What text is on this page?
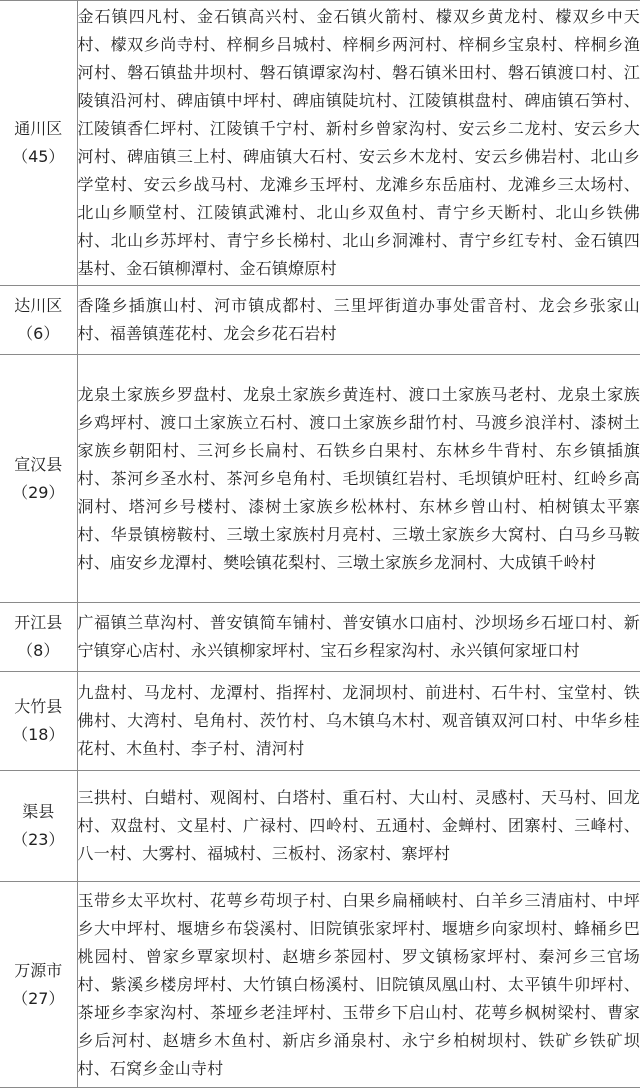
通川区
（45）	金石镇四凡村、金石镇高兴村、金石镇火箭村、檬双乡黄龙村、檬双乡中天村、檬双乡尚寺村、梓桐乡吕城村、梓桐乡两河村、梓桐乡宝泉村、梓桐乡渔河村、磐石镇盐井坝村、磐石镇谭家沟村、磐石镇米田村、磐石镇渡口村、江陵镇沿河村、碑庙镇中坪村、碑庙镇陡坑村、江陵镇棋盘村、碑庙镇石笋村、江陵镇香仁坪村、江陵镇千宁村、新村乡曾家沟村、安云乡二龙村、安云乡大河村、碑庙镇三上村、碑庙镇大石村、安云乡木龙村、安云乡佛岩村、北山乡学堂村、安云乡战马村、龙滩乡玉坪村、龙滩乡东岳庙村、龙滩乡三太场村、北山乡顺堂村、江陵镇武滩村、北山乡双鱼村、青宁乡天断村、北山乡铁佛村、北山乡苏坪村、青宁乡长梯村、北山乡洞滩村、青宁乡红专村、金石镇四基村、金石镇柳潭村、金石镇燎原村

达川区
（6）	香隆乡插旗山村、河市镇成都村、三里坪街道办事处雷音村、龙会乡张家山村、福善镇莲花村、龙会乡花石岩村

宣汉县
（29）	龙泉土家族乡罗盘村、龙泉土家族乡黄连村、渡口土家族马老村、龙泉土家族乡鸡坪村、渡口土家族立石村、渡口土家族乡甜竹村、马渡乡浪洋村、漆树土家族乡朝阳村、三河乡长扁村、石铁乡白果村、东林乡牛背村、东乡镇插旗村、茶河乡圣水村、茶河乡皂角村、毛坝镇红岩村、毛坝镇炉旺村、红岭乡高洞村、塔河乡号楼村、漆树土家族乡松林村、东林乡曾山村、柏树镇太平寨村、华景镇榜鞍村、三墩土家族村月亮村、三墩土家族乡大窝村、白马乡马鞍村、庙安乡龙潭村、樊哙镇花梨村、三墩土家族乡龙洞村、大成镇千岭村

开江县
（8）	广福镇兰草沟村、普安镇简车铺村、普安镇水口庙村、沙坝场乡石垭口村、新宁镇穿心店村、永兴镇柳家坪村、宝石乡程家沟村、永兴镇何家垭口村

大竹县
（18）	九盘村、马龙村、龙潭村、指挥村、龙洞坝村、前进村、石牛村、宝堂村、铁佛村、大湾村、皂角村、茨竹村、乌木镇乌木村、观音镇双河口村、中华乡桂花村、木鱼村、李子村、清河村

渠县
（23）	三拱村、白蜡村、观阁村、白塔村、重石村、大山村、灵感村、天马村、回龙村、双盘村、文星村、广禄村、四岭村、五通村、金蝉村、团寨村、三峰村、八一村、大雾村、福城村、三板村、汤家村、寨坪村

万源市
（27）	玉带乡太平坎村、花萼乡苟坝子村、白果乡扁桶峡村、白羊乡三清庙村、中坪乡大中坪村、堰塘乡布袋溪村、旧院镇张家坪村、堰塘乡向家坝村、蜂桶乡巴桃园村、曾家乡覃家坝村、赵塘乡茶园村、罗文镇杨家坪村、秦河乡三官场村、紫溪乡楼房坪村、大竹镇白杨溪村、旧院镇凤凰山村、太平镇牛卯坪村、茶垭乡李家沟村、茶垭乡老洼坪村、玉带乡下启山村、花萼乡枫树梁村、曹家乡后河村、赵塘乡木鱼村、新店乡涌泉村、永宁乡柏树坝村、铁矿乡铁矿坝村、石窝乡金山寺村
